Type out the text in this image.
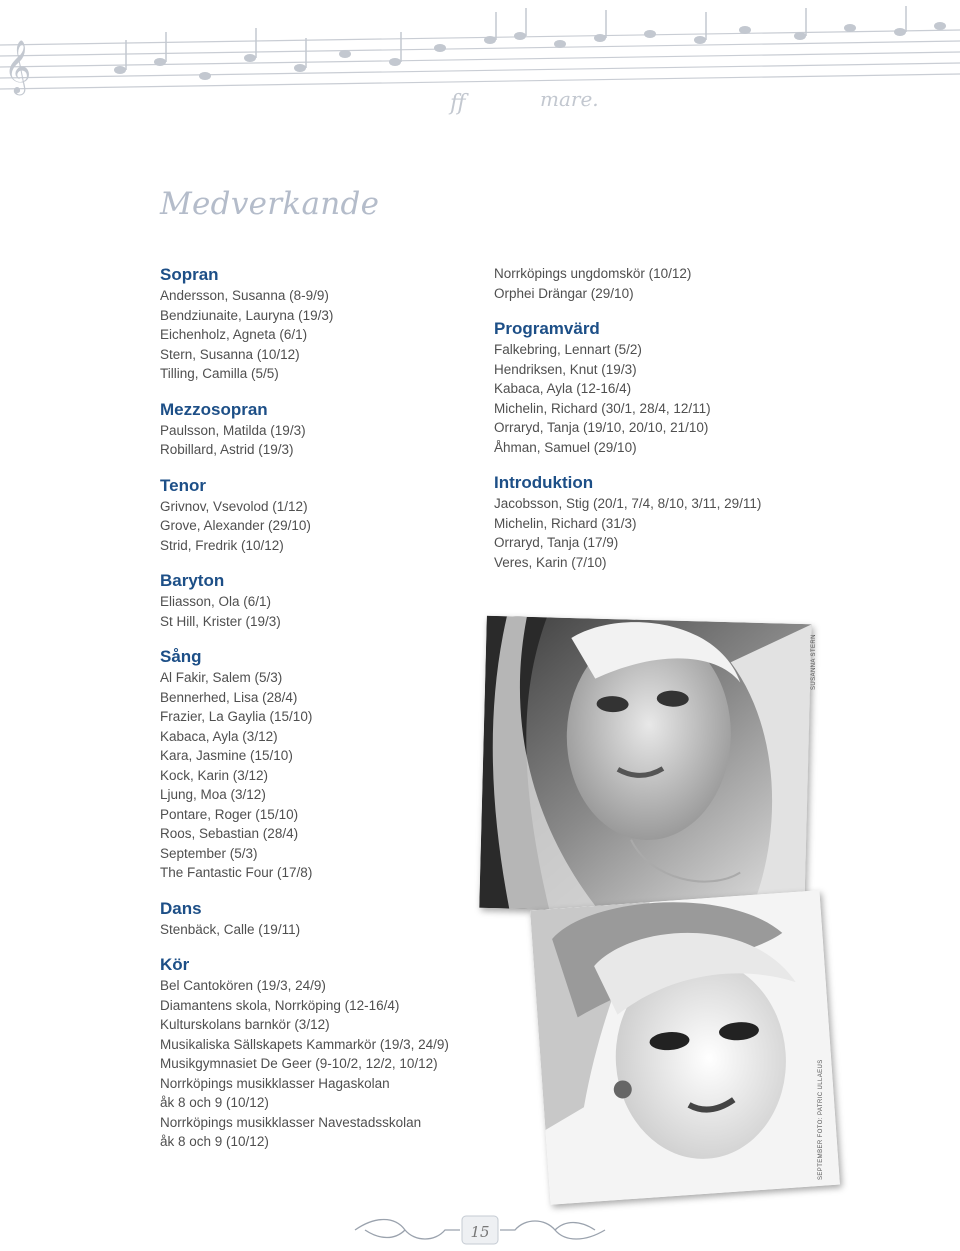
𝄞
mare.
ff
Medverkande
Sopran
Andersson, Susanna (8-9/9)
Bendziunaite, Lauryna (19/3)
Eichenholz, Agneta (6/1)
Stern, Susanna (10/12)
Tilling, Camilla (5/5)
Mezzosopran
Paulsson, Matilda (19/3)
Robillard, Astrid (19/3)
Tenor
Grivnov, Vsevolod (1/12)
Grove, Alexander (29/10)
Strid, Fredrik (10/12)
Baryton
Eliasson, Ola (6/1)
St Hill, Krister (19/3)
Sång
Al Fakir, Salem (5/3)
Bennerhed, Lisa (28/4)
Frazier, La Gaylia (15/10)
Kabaca, Ayla (3/12)
Kara, Jasmine (15/10)
Kock, Karin (3/12)
Ljung, Moa (3/12)
Pontare, Roger (15/10)
Roos, Sebastian (28/4)
September (5/3)
The Fantastic Four (17/8)
Dans
Stenbäck, Calle (19/11)
Kör
Bel Cantokören (19/3, 24/9)
Diamantens skola, Norrköping (12-16/4)
Kulturskolans barnkör (3/12)
Musikaliska Sällskapets Kammarkör (19/3, 24/9)
Musikgymnasiet De Geer (9-10/2, 12/2, 10/12)
Norrköpings musikklasser Hagaskolan
åk 8 och 9 (10/12)
Norrköpings musikklasser Navestadsskolan
åk 8 och 9 (10/12)
Norrköpings ungdomskör (10/12)
Orphei Drängar (29/10)
Programvärd
Falkebring, Lennart (5/2)
Hendriksen, Knut (19/3)
Kabaca, Ayla (12-16/4)
Michelin, Richard (30/1, 28/4, 12/11)
Orraryd, Tanja (19/10, 20/10, 21/10)
Åhman, Samuel (29/10)
Introduktion
Jacobsson, Stig (20/1, 7/4, 8/10, 3/11, 29/11)
Michelin, Richard (31/3)
Orraryd, Tanja (17/9)
Veres, Karin (7/10)
SUSANNA STERN
SEPTEMBER FOTO: PATRIC ULLAEUS
15
